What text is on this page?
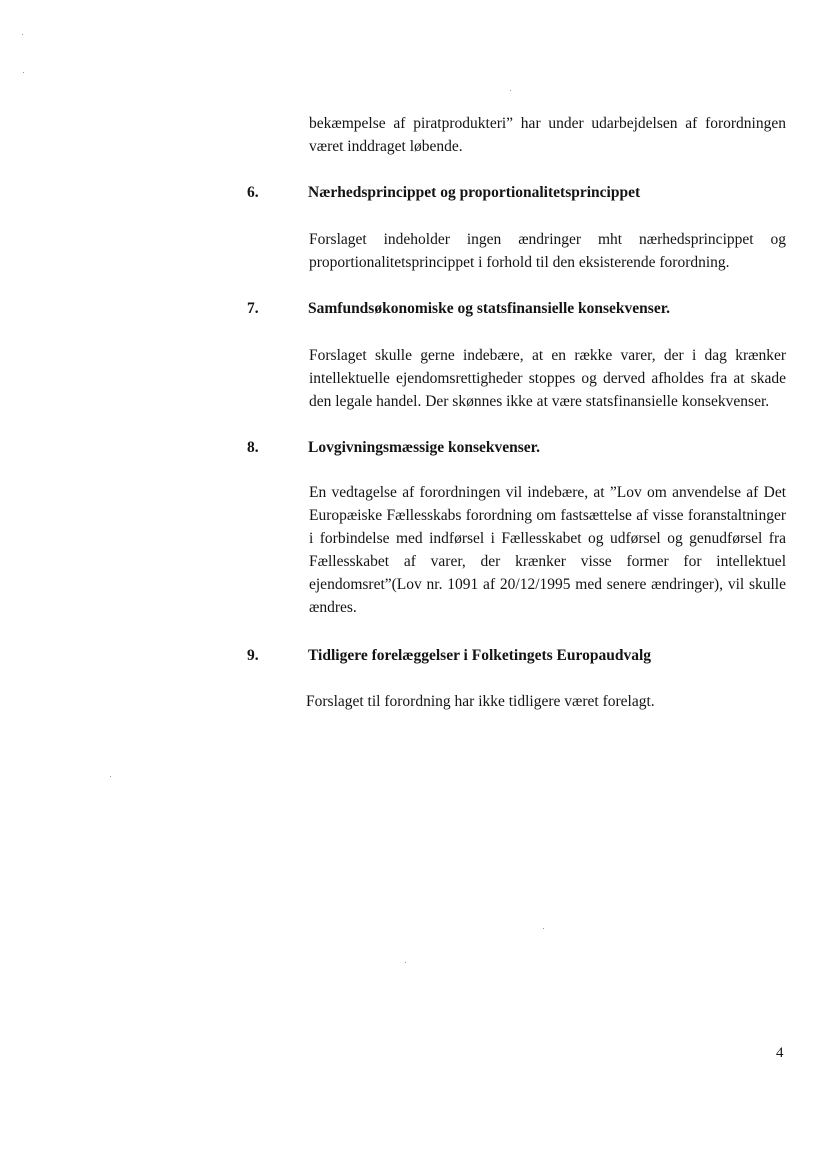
bekæmpelse af piratprodukteri” har under udarbejdelsen af forordningen været inddraget løbende.

6.	Nærhedsprincippet og proportionalitetsprincippet

Forslaget indeholder ingen ændringer mht nærhedsprincippet og proportionalitetsprincippet i forhold til den eksisterende forordning.

7.	Samfundsøkonomiske og statsfinansielle konsekvenser.

Forslaget skulle gerne indebære, at en række varer, der i dag krænker intellektuelle ejendomsrettigheder stoppes og derved afholdes fra at skade den legale handel. Der skønnes ikke at være statsfinansielle konsekvenser.

8.	Lovgivningsmæssige konsekvenser.

En vedtagelse af forordningen vil indebære, at ”Lov om anvendelse af Det Europæiske Fællesskabs forordning om fastsættelse af visse foranstaltninger i forbindelse med indførsel i Fællesskabet og udførsel og genudførsel fra Fællesskabet af varer, der krænker visse former for intellektuel ejendomsret”(Lov nr. 1091 af 20/12/1995 med senere ændringer), vil skulle ændres.

9.	Tidligere forelæggelser i Folketingets Europaudvalg

Forslaget til forordning har ikke tidligere været forelagt.

4
